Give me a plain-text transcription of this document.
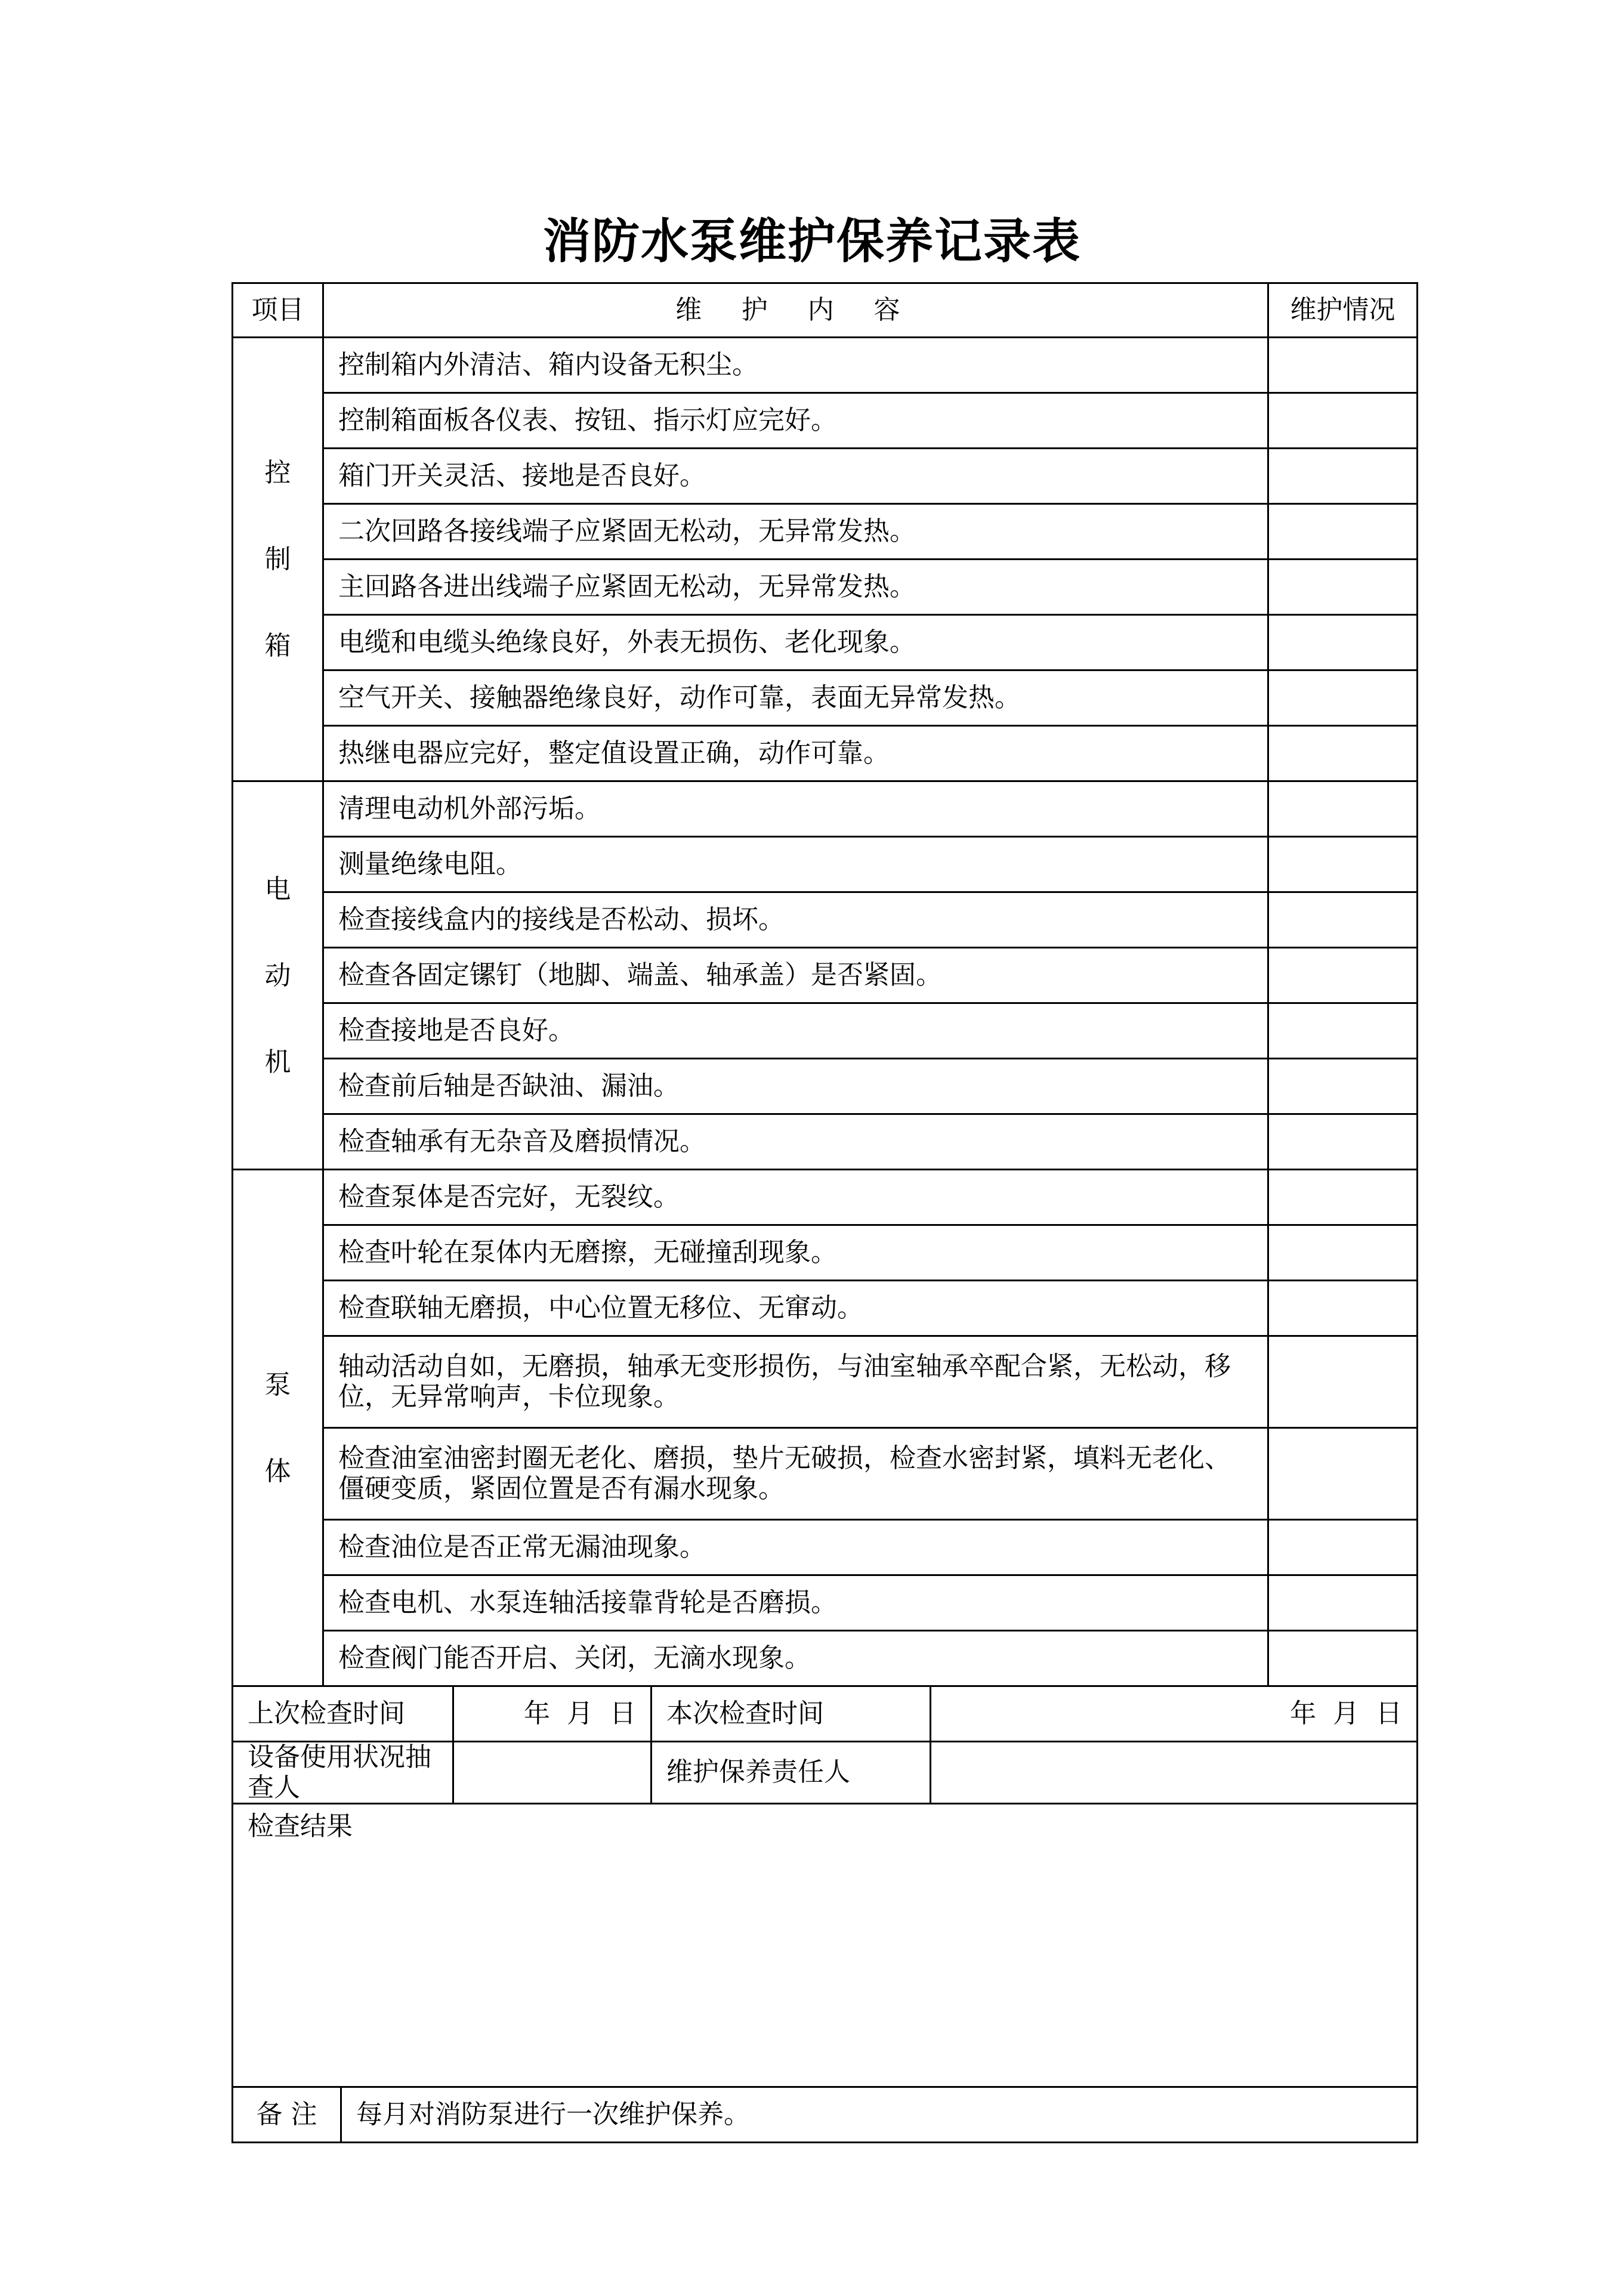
消防水泵维护保养记录表
项目	维 护 内 容					维护情况

控
制
箱	控制箱内外清洁、箱内设备无积尘。					
	控制箱面板各仪表、按钮、指示灯应完好。					
	箱门开关灵活、接地是否良好。					
	二次回路各接线端子应紧固无松动，无异常发热。					
	主回路各进出线端子应紧固无松动，无异常发热。					
	电缆和电缆头绝缘良好，外表无损伤、老化现象。					
	空气开关、接触器绝缘良好，动作可靠，表面无异常发热。					
	热继电器应完好，整定值设置正确，动作可靠。					

电
动
机	清理电动机外部污垢。					
	测量绝缘电阻。					
	检查接线盒内的接线是否松动、损坏。					
	检查各固定镙钉（地脚、端盖、轴承盖）是否紧固。					
	检查接地是否良好。					
	检查前后轴是否缺油、漏油。					
	检查轴承有无杂音及磨损情况。					

泵
体	检查泵体是否完好，无裂纹。					
	检查叶轮在泵体内无磨擦，无碰撞刮现象。					
	检查联轴无磨损，中心位置无移位、无窜动。					
	轴动活动自如，无磨损，轴承无变形损伤，与油室轴承卒配合紧，无松动，移位，无异常响声，卡位现象。					
	检查油室油密封圈无老化、磨损，垫片无破损，检查水密封紧，填料无老化、僵硬变质，紧固位置是否有漏水现象。					
	检查油位是否正常无漏油现象。					
	检查电机、水泵连轴活接靠背轮是否磨损。					
	检查阀门能否开启、关闭，无滴水现象。					
上次检查时间			年  月  日	本次检查时间	年  月  日	
设备使用状况抽查人				维护保养责任人		
检查结果						
备 注		每月对消防泵进行一次维护保养。				
